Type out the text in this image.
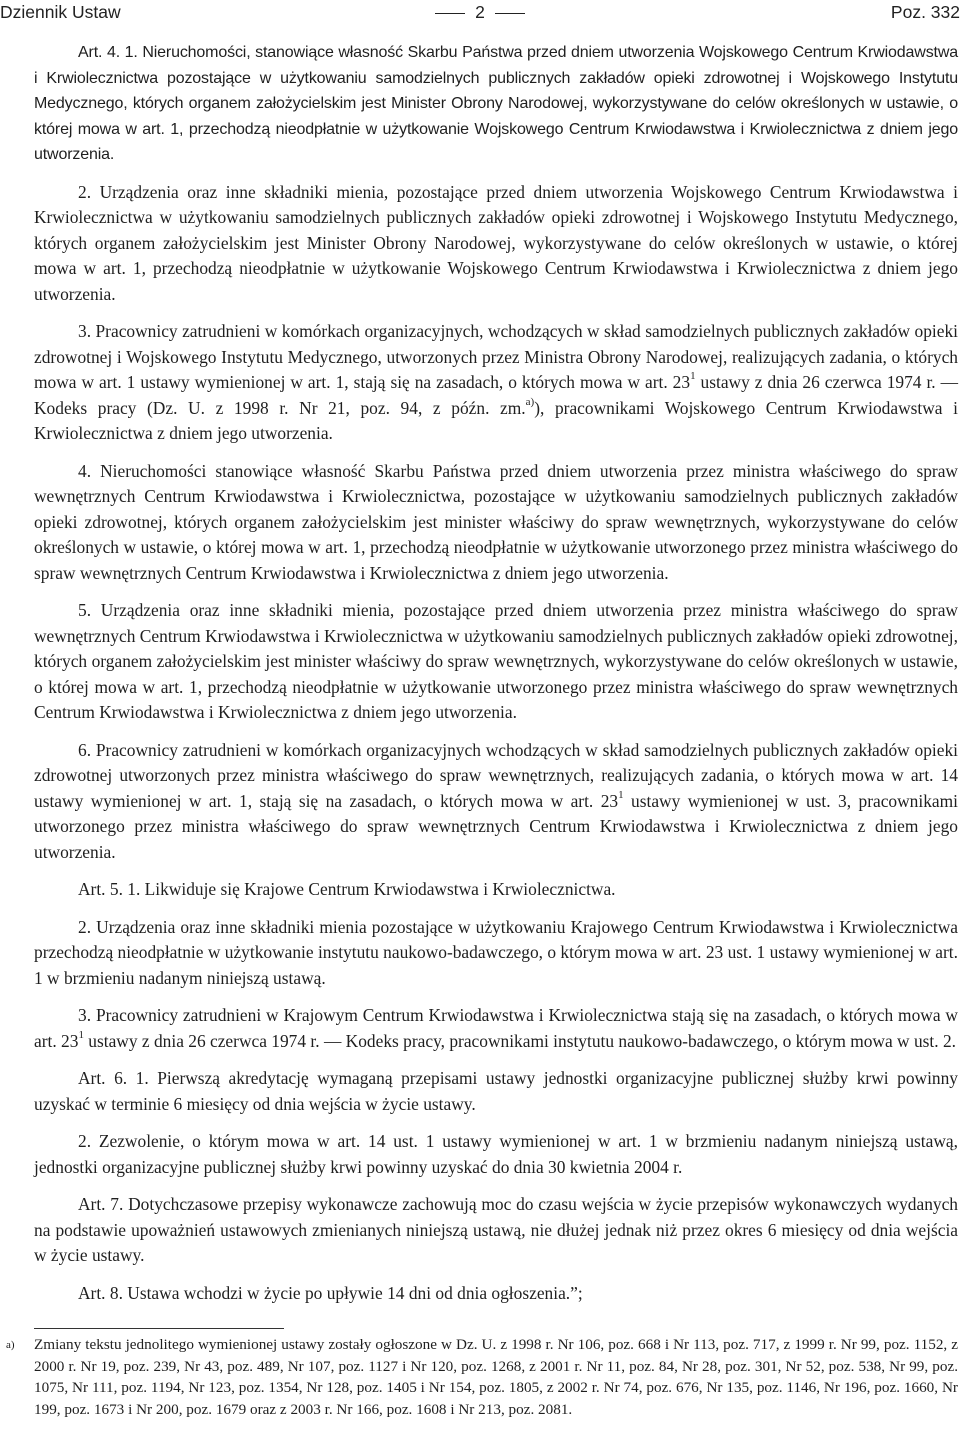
Dziennik Ustaw	2	Poz. 332

Art. 4. 1. Nieruchomości, stanowiące własność Skarbu Państwa przed dniem utworzenia Wojskowego Centrum Krwiodawstwa i Krwiolecznictwa pozostające w użytkowaniu samodzielnych publicznych zakładów opieki zdrowotnej i Wojskowego Instytutu Medycznego, których organem założycielskim jest Minister Obrony Narodowej, wykorzystywane do celów określonych w ustawie, o której mowa w art. 1, przechodzą nieodpłatnie w użytkowanie Wojskowego Centrum Krwiodawstwa i Krwiolecznictwa z dniem jego utworzenia.

2. Urządzenia oraz inne składniki mienia, pozostające przed dniem utworzenia Wojskowego Centrum Krwiodawstwa i Krwiolecznictwa w użytkowaniu samodzielnych publicznych zakładów opieki zdrowotnej i Wojskowego Instytutu Medycznego, których organem założycielskim jest Minister Obrony Narodowej, wykorzystywane do celów określonych w ustawie, o której mowa w art. 1, przechodzą nieodpłatnie w użytkowanie Wojskowego Centrum Krwiodawstwa i Krwiolecznictwa z dniem jego utworzenia.

3. Pracownicy zatrudnieni w komórkach organizacyjnych, wchodzących w skład samodzielnych publicznych zakładów opieki zdrowotnej i Wojskowego Instytutu Medycznego, utworzonych przez Ministra Obrony Narodowej, realizujących zadania, o których mowa w art. 1 ustawy wymienionej w art. 1, stają się na zasadach, o których mowa w art. $23^1$ ustawy z dnia 26 czerwca 1974 r. — Kodeks pracy (Dz. U. z 1998 r. Nr 21, poz. 94, z późn. zm.$^{a)}$), pracownikami Wojskowego Centrum Krwiodawstwa i Krwiolecznictwa z dniem jego utworzenia.

4. Nieruchomości stanowiące własność Skarbu Państwa przed dniem utworzenia przez ministra właściwego do spraw wewnętrznych Centrum Krwiodawstwa i Krwiolecznictwa, pozostające w użytkowaniu samodzielnych publicznych zakładów opieki zdrowotnej, których organem założycielskim jest minister właściwy do spraw wewnętrznych, wykorzystywane do celów określonych w ustawie, o której mowa w art. 1, przechodzą nieodpłatnie w użytkowanie utworzonego przez ministra właściwego do spraw wewnętrznych Centrum Krwiodawstwa i Krwiolecznictwa z dniem jego utworzenia.

5. Urządzenia oraz inne składniki mienia, pozostające przed dniem utworzenia przez ministra właściwego do spraw wewnętrznych Centrum Krwiodawstwa i Krwiolecznictwa w użytkowaniu samodzielnych publicznych zakładów opieki zdrowotnej, których organem założycielskim jest minister właściwy do spraw wewnętrznych, wykorzystywane do celów określonych w ustawie, o której mowa w art. 1, przechodzą nieodpłatnie w użytkowanie utworzonego przez ministra właściwego do spraw wewnętrznych Centrum Krwiodawstwa i Krwiolecznictwa z dniem jego utworzenia.

6. Pracownicy zatrudnieni w komórkach organizacyjnych wchodzących w skład samodzielnych publicznych zakładów opieki zdrowotnej utworzonych przez ministra właściwego do spraw wewnętrznych, realizujących zadania, o których mowa w art. 14 ustawy wymienionej w art. 1, stają się na zasadach, o których mowa w art. $23^1$ ustawy wymienionej w ust. 3, pracownikami utworzonego przez ministra właściwego do spraw wewnętrznych Centrum Krwiodawstwa i Krwiolecznictwa z dniem jego utworzenia.

Art. 5. 1. Likwiduje się Krajowe Centrum Krwiodawstwa i Krwiolecznictwa.

2. Urządzenia oraz inne składniki mienia pozostające w użytkowaniu Krajowego Centrum Krwiodawstwa i Krwiolecznictwa przechodzą nieodpłatnie w użytkowanie instytutu naukowo-badawczego, o którym mowa w art. 23 ust. 1 ustawy wymienionej w art. 1 w brzmieniu nadanym niniejszą ustawą.

3. Pracownicy zatrudnieni w Krajowym Centrum Krwiodawstwa i Krwiolecznictwa stają się na zasadach, o których mowa w art. $23^1$ ustawy z dnia 26 czerwca 1974 r. — Kodeks pracy, pracownikami instytutu naukowo-badawczego, o którym mowa w ust. 2.

Art. 6. 1. Pierwszą akredytację wymaganą przepisami ustawy jednostki organizacyjne publicznej służby krwi powinny uzyskać w terminie 6 miesięcy od dnia wejścia w życie ustawy.

2. Zezwolenie, o którym mowa w art. 14 ust. 1 ustawy wymienionej w art. 1 w brzmieniu nadanym niniejszą ustawą, jednostki organizacyjne publicznej służby krwi powinny uzyskać do dnia 30 kwietnia 2004 r.

Art. 7. Dotychczasowe przepisy wykonawcze zachowują moc do czasu wejścia w życie przepisów wykonawczych wydanych na podstawie upoważnień ustawowych zmienianych niniejszą ustawą, nie dłużej jednak niż przez okres 6 miesięcy od dnia wejścia w życie ustawy.

Art. 8. Ustawa wchodzi w życie po upływie 14 dni od dnia ogłoszenia.”;

a) Zmiany tekstu jednolitego wymienionej ustawy zostały ogłoszone w Dz. U. z 1998 r. Nr 106, poz. 668 i Nr 113, poz. 717, z 1999 r. Nr 99, poz. 1152, z 2000 r. Nr 19, poz. 239, Nr 43, poz. 489, Nr 107, poz. 1127 i Nr 120, poz. 1268, z 2001 r. Nr 11, poz. 84, Nr 28, poz. 301, Nr 52, poz. 538, Nr 99, poz. 1075, Nr 111, poz. 1194, Nr 123, poz. 1354, Nr 128, poz. 1405 i Nr 154, poz. 1805, z 2002 r. Nr 74, poz. 676, Nr 135, poz. 1146, Nr 196, poz. 1660, Nr 199, poz. 1673 i Nr 200, poz. 1679 oraz z 2003 r. Nr 166, poz. 1608 i Nr 213, poz. 2081.
